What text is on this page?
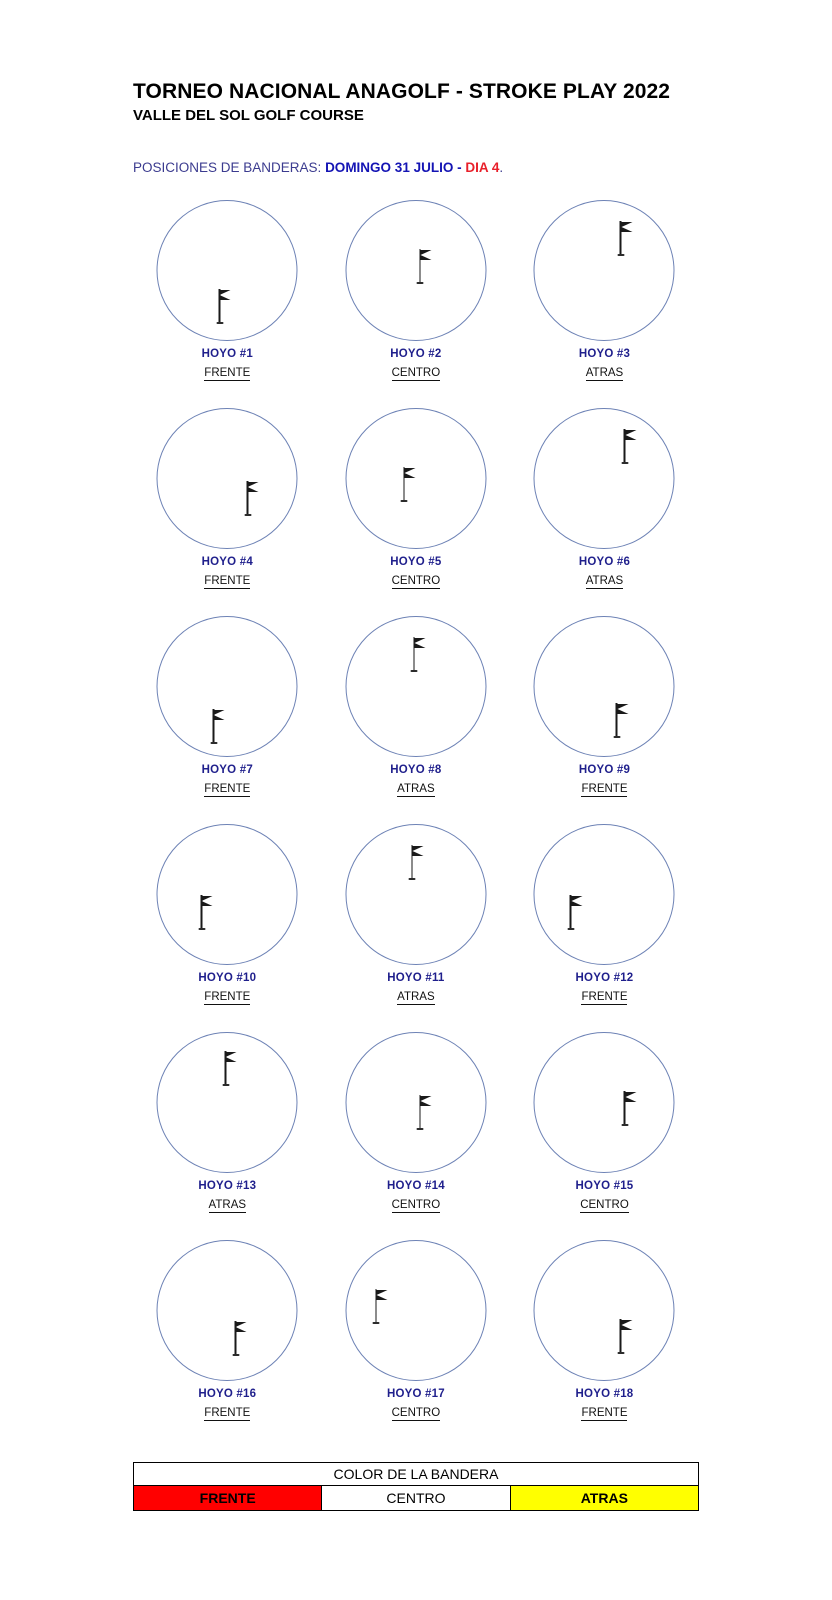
TORNEO NACIONAL ANAGOLF - STROKE PLAY 2022
VALLE DEL SOL GOLF COURSE
POSICIONES DE BANDERAS: DOMINGO 31 JULIO - DIA 4.
HOYO #1
FRENTE
HOYO #2
CENTRO
HOYO #3
ATRAS
HOYO #4
FRENTE
HOYO #5
CENTRO
HOYO #6
ATRAS
HOYO #7
FRENTE
HOYO #8
ATRAS
HOYO #9
FRENTE
HOYO #10
FRENTE
HOYO #11
ATRAS
HOYO #12
FRENTE
HOYO #13
ATRAS
HOYO #14
CENTRO
HOYO #15
CENTRO
HOYO #16
FRENTE
HOYO #17
CENTRO
HOYO #18
FRENTE
COLOR DE LA BANDERA
FRENTE	CENTRO	ATRAS
